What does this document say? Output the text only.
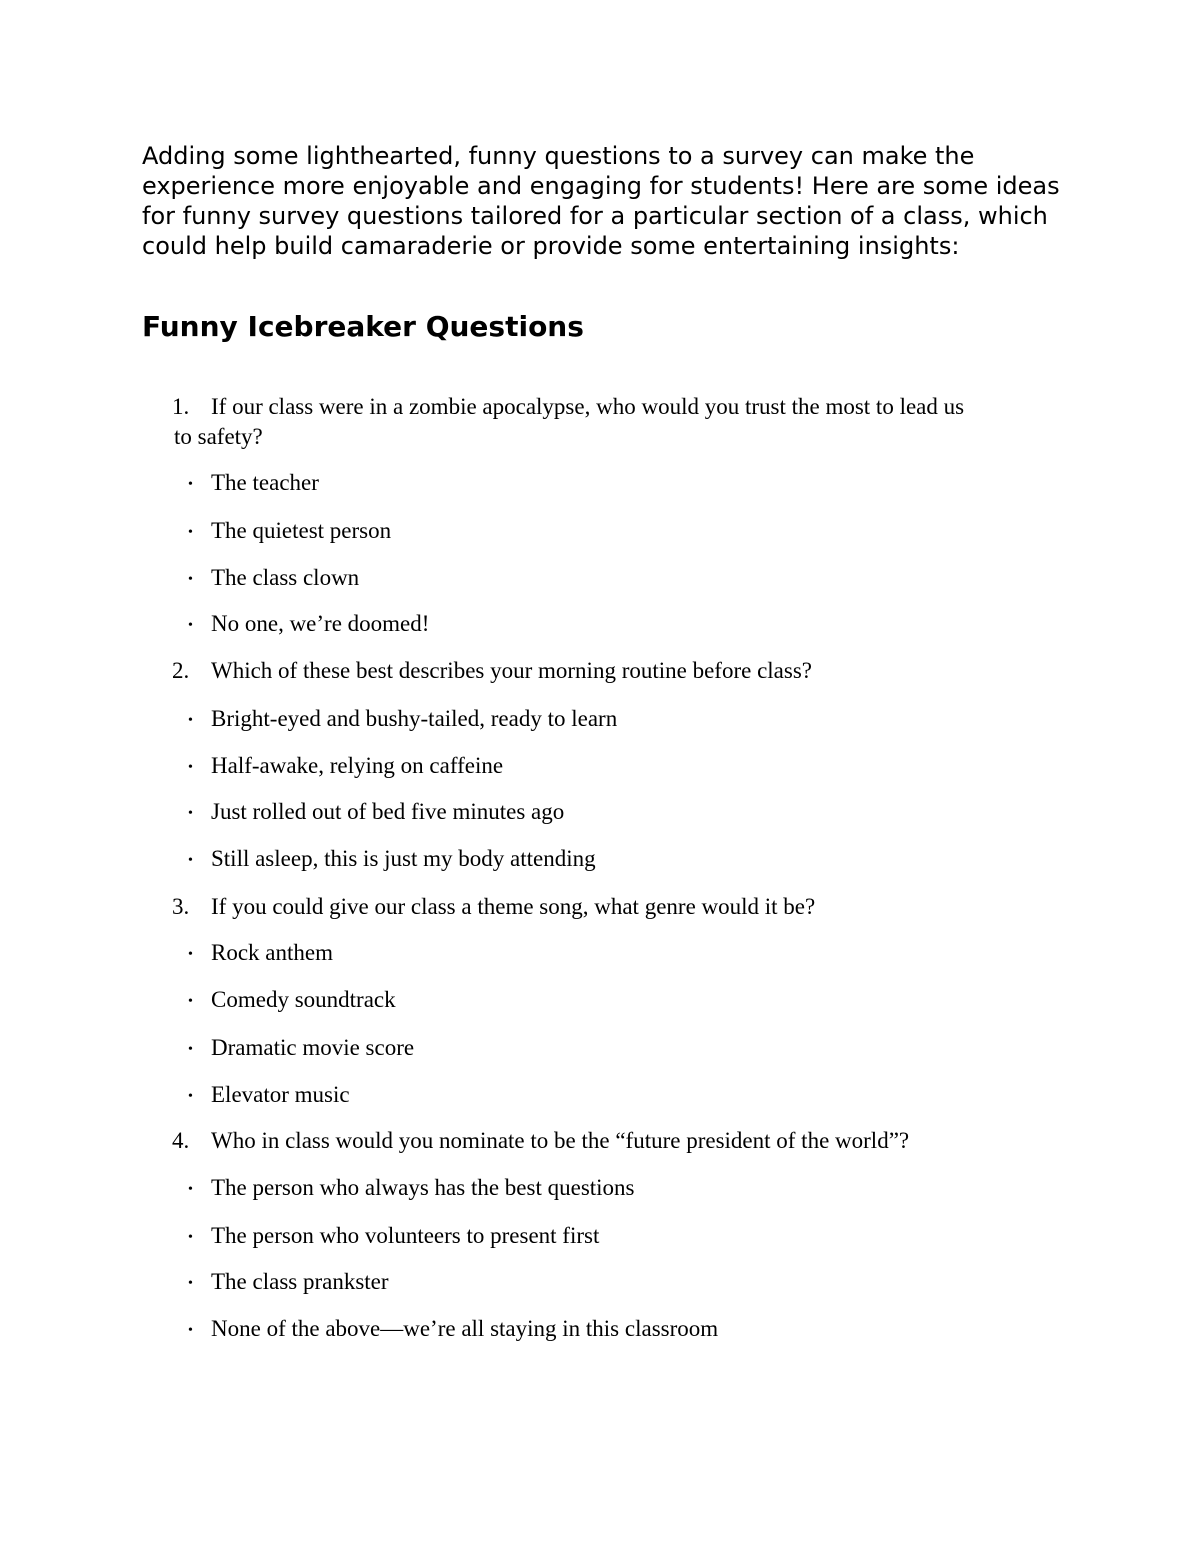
Adding some lighthearted, funny questions to a survey can make the experience more enjoyable and engaging for students! Here are some ideas for funny survey questions tailored for a particular section of a class, which could help build camaraderie or provide some entertaining insights:

Funny Icebreaker Questions
1. If our class were in a zombie apocalypse, who would you trust the most to lead us
to safety?
• The teacher
• The quietest person
• The class clown
• No one, we’re doomed!
2. Which of these best describes your morning routine before class?
• Bright-eyed and bushy-tailed, ready to learn
• Half-awake, relying on caffeine
• Just rolled out of bed five minutes ago
• Still asleep, this is just my body attending
3. If you could give our class a theme song, what genre would it be?
• Rock anthem
• Comedy soundtrack
• Dramatic movie score
• Elevator music
4. Who in class would you nominate to be the “future president of the world”?
• The person who always has the best questions
• The person who volunteers to present first
• The class prankster
• None of the above—we’re all staying in this classroom
